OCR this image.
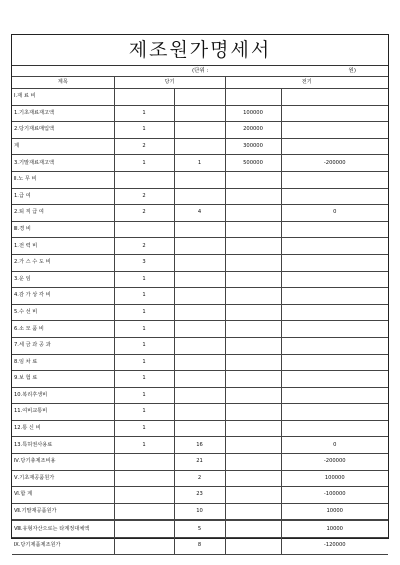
제조원가명세서
(단위 :	원)
계목	당기		전기	
Ⅰ.재 료 비				
1.기초재료재고액	1		100000	
2.당기재료매입액	1		200000	
계	2		300000	
3.기말재료재고액	1	1	500000	-200000
Ⅱ.노 무 비				
1.급 여	2			
2.퇴 직 급 여	2	4		0
Ⅲ.경 비				
1.전 력 비	2			
2.가 스 수 도 비	3			
3.운 임	1			
4.감 가 상 각 비	1			
5.수 선 비	1			
6.소 모 품 비	1			
7.세 금 과 공 과	1			
8.임 차 료	1			
9.보 험 료	1			
10.복리후생비	1			
11.여비교통비	1			
12.통 신 비	1			
13.특허권사용료	1	16		0
Ⅳ.당기총제조비용		21		-200000
Ⅴ.기초재공품원가		2		100000
Ⅵ.합 계		23		-100000
Ⅶ.기말재공품원가		10		10000
Ⅷ.유형자산으로는 타계정대체액		5		10000
Ⅸ.당기제품제조원가		8		-120000
